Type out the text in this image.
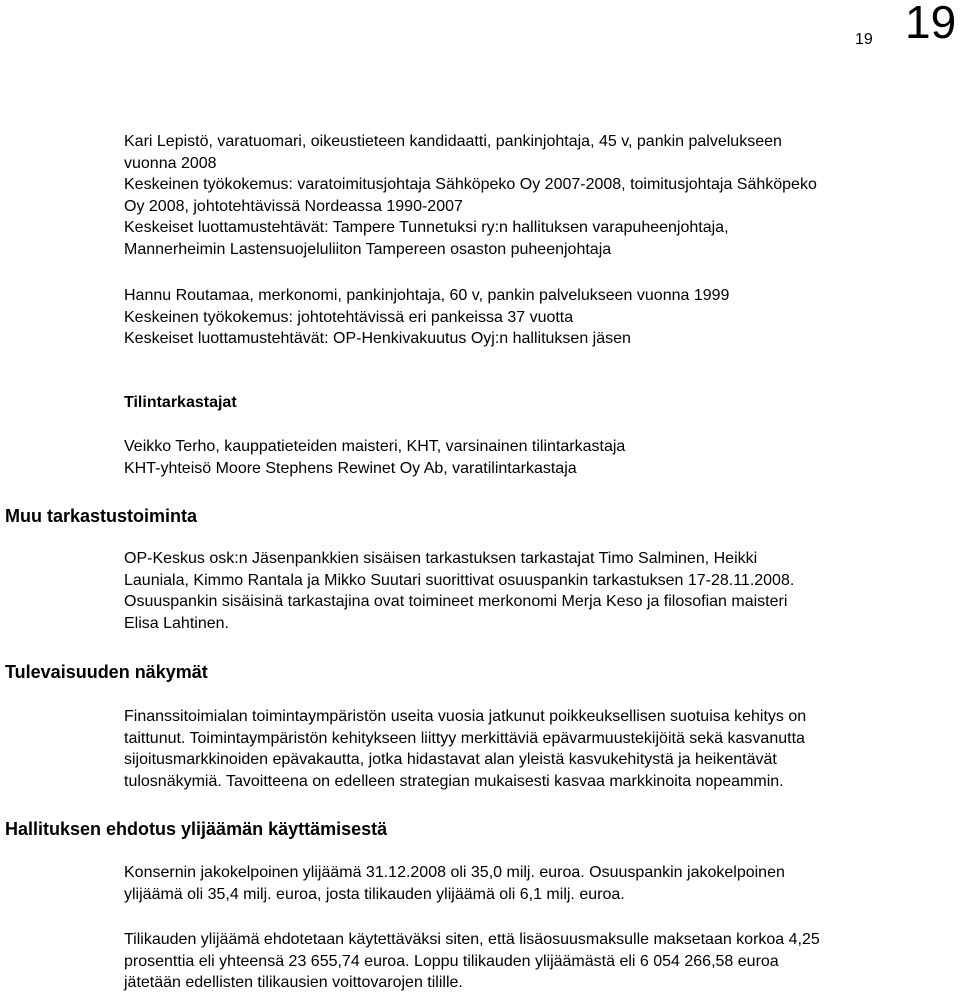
19 19

Kari Lepistö, varatuomari, oikeustieteen kandidaatti, pankinjohtaja, 45 v, pankin palvelukseen

vuonna 2008

Keskeinen työkokemus: varatoimitusjohtaja Sähköpeko Oy 2007-2008, toimitusjohtaja Sähköpeko

Oy 2008, johtotehtävissä Nordeassa 1990-2007

Keskeiset luottamustehtävät: Tampere Tunnetuksi ry:n hallituksen varapuheenjohtaja,

Mannerheimin Lastensuojeluliiton Tampereen osaston puheenjohtaja

Hannu Routamaa, merkonomi, pankinjohtaja, 60 v, pankin palvelukseen vuonna 1999

Keskeinen työkokemus: johtotehtävissä eri pankeissa 37 vuotta

Keskeiset luottamustehtävät: OP-Henkivakuutus Oyj:n hallituksen jäsen

Tilintarkastajat

Veikko Terho, kauppatieteiden maisteri, KHT, varsinainen tilintarkastaja

KHT-yhteisö Moore Stephens Rewinet Oy Ab, varatilintarkastaja

Muu tarkastustoiminta

OP-Keskus osk:n Jäsenpankkien sisäisen tarkastuksen tarkastajat Timo Salminen, Heikki

Launiala, Kimmo Rantala ja Mikko Suutari suorittivat osuuspankin tarkastuksen 17-28.11.2008.

Osuuspankin sisäisinä tarkastajina ovat toimineet merkonomi Merja Keso ja filosofian maisteri

Elisa Lahtinen.

Tulevaisuuden näkymät

Finanssitoimialan toimintaympäristön useita vuosia jatkunut poikkeuksellisen suotuisa kehitys on

taittunut. Toimintaympäristön kehitykseen liittyy merkittäviä epävarmuustekijöitä sekä kasvanutta

sijoitusmarkkinoiden epävakautta, jotka hidastavat alan yleistä kasvukehitystä ja heikentävät

tulosnäkymiä. Tavoitteena on edelleen strategian mukaisesti kasvaa markkinoita nopeammin.

Hallituksen ehdotus ylijäämän käyttämisestä

Konsernin jakokelpoinen ylijäämä 31.12.2008 oli 35,0 milj. euroa. Osuuspankin jakokelpoinen

ylijäämä oli 35,4 milj. euroa, josta tilikauden ylijäämä oli 6,1 milj. euroa.

Tilikauden ylijäämä ehdotetaan käytettäväksi siten, että lisäosuusmaksulle maksetaan korkoa 4,25

prosenttia eli yhteensä 23 655,74 euroa. Loppu tilikauden ylijäämästä eli 6 054 266,58 euroa

jätetään edellisten tilikausien voittovarojen tilille.
